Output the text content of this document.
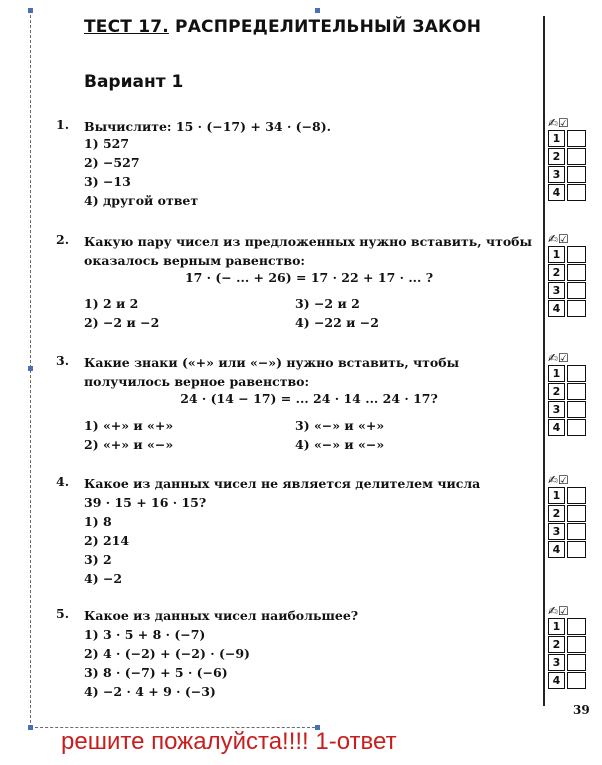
ТЕСТ 17. РАСПРЕДЕЛИТЕЛЬНЫЙ ЗАКОН
Вариант 1
1. Вычислите: 15 · (−17) + 34 · (−8).
1) 527
2) −527
3) −13
4) другой ответ
2. Какую пару чисел из предложенных нужно вставить, чтобы оказалось верным равенство:
17 · (− ... + 26) = 17 · 22 + 17 · ... ?
1) 2 и 2	3) −2 и 2
2) −2 и −2	4) −22 и −2
3. Какие знаки («+» или «−») нужно вставить, чтобы получилось верное равенство:
24 · (14 − 17) = ... 24 · 14 ... 24 · 17?
1) «+» и «+»	3) «−» и «+»
2) «+» и «−»	4) «−» и «−»
4. Какое из данных чисел не является делителем числа 39 · 15 + 16 · 15?
1) 8
2) 214
3) 2
4) −2
5. Какое из данных чисел наибольшее?
1) 3 · 5 + 8 · (−7)
2) 4 · (−2) + (−2) · (−9)
3) 8 · (−7) + 5 · (−6)
4) −2 · 4 + 9 · (−3)
✍☑
1
2
3
4
✍☑
1
2
3
4
✍☑
1
2
3
4
✍☑
1
2
3
4
✍☑
1
2
3
4
39
решите пожалуйста!!!! 1-ответ
